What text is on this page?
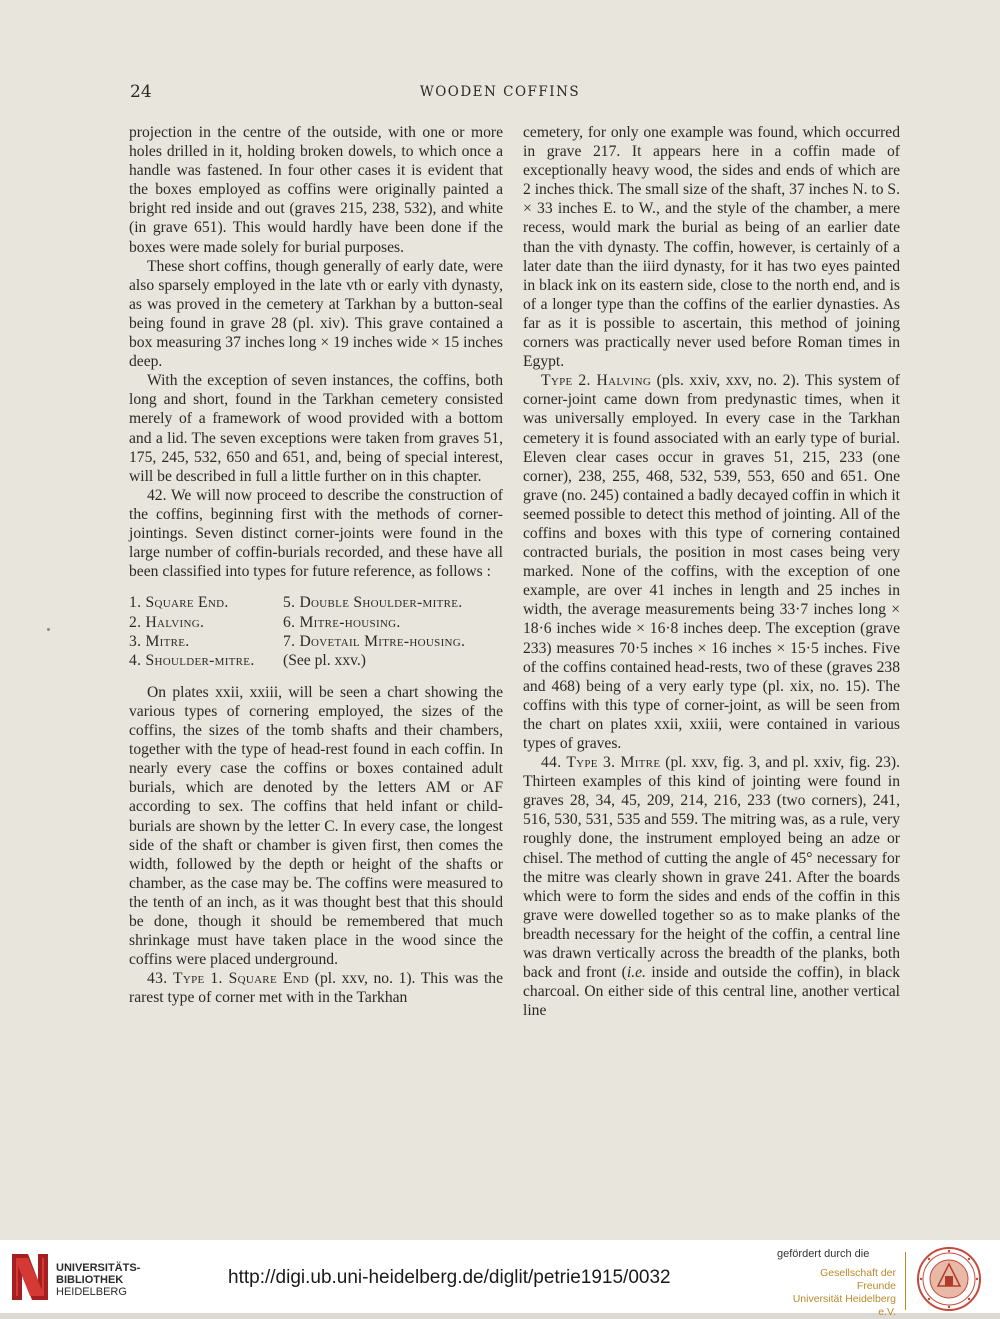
24	WOODEN COFFINS

projection in the centre of the outside, with one or more holes drilled in it, holding broken dowels, to which once a handle was fastened. In four other cases it is evident that the boxes employed as coffins were originally painted a bright red inside and out (graves 215, 238, 532), and white (in grave 651). This would hardly have been done if the boxes were made solely for burial purposes.

These short coffins, though generally of early date, were also sparsely employed in the late vth or early vith dynasty, as was proved in the cemetery at Tarkhan by a button-seal being found in grave 28 (pl. xiv). This grave contained a box measuring 37 inches long × 19 inches wide × 15 inches deep.

With the exception of seven instances, the coffins, both long and short, found in the Tarkhan cemetery consisted merely of a framework of wood provided with a bottom and a lid. The seven exceptions were taken from graves 51, 175, 245, 532, 650 and 651, and, being of special interest, will be described in full a little further on in this chapter.

42. We will now proceed to describe the construction of the coffins, beginning first with the methods of corner-jointings. Seven distinct corner-joints were found in the large number of coffin-burials recorded, and these have all been classified into types for future reference, as follows :

1. Square End.	5. Double Shoulder-mitre.
2. Halving.	6. Mitre-housing.
3. Mitre.	7. Dovetail Mitre-housing.
4. Shoulder-mitre.	(See pl. xxv.)

On plates xxii, xxiii, will be seen a chart showing the various types of cornering employed, the sizes of the coffins, the sizes of the tomb shafts and their chambers, together with the type of head-rest found in each coffin. In nearly every case the coffins or boxes contained adult burials, which are denoted by the letters AM or AF according to sex. The coffins that held infant or child-burials are shown by the letter C. In every case, the longest side of the shaft or chamber is given first, then comes the width, followed by the depth or height of the shafts or chamber, as the case may be. The coffins were measured to the tenth of an inch, as it was thought best that this should be done, though it should be remembered that much shrinkage must have taken place in the wood since the coffins were placed underground.

43. Type 1. Square End (pl. xxv, no. 1). This was the rarest type of corner met with in the Tarkhan

cemetery, for only one example was found, which occurred in grave 217. It appears here in a coffin made of exceptionally heavy wood, the sides and ends of which are 2 inches thick. The small size of the shaft, 37 inches N. to S. × 33 inches E. to W., and the style of the chamber, a mere recess, would mark the burial as being of an earlier date than the vith dynasty. The coffin, however, is certainly of a later date than the iiird dynasty, for it has two eyes painted in black ink on its eastern side, close to the north end, and is of a longer type than the coffins of the earlier dynasties. As far as it is possible to ascertain, this method of joining corners was practically never used before Roman times in Egypt.

Type 2. Halving (pls. xxiv, xxv, no. 2). This system of corner-joint came down from predynastic times, when it was universally employed. In every case in the Tarkhan cemetery it is found associated with an early type of burial. Eleven clear cases occur in graves 51, 215, 233 (one corner), 238, 255, 468, 532, 539, 553, 650 and 651. One grave (no. 245) contained a badly decayed coffin in which it seemed possible to detect this method of jointing. All of the coffins and boxes with this type of cornering contained contracted burials, the position in most cases being very marked. None of the coffins, with the exception of one example, are over 41 inches in length and 25 inches in width, the average measurements being 33·7 inches long × 18·6 inches wide × 16·8 inches deep. The exception (grave 233) measures 70·5 inches × 16 inches × 15·5 inches. Five of the coffins contained head-rests, two of these (graves 238 and 468) being of a very early type (pl. xix, no. 15). The coffins with this type of corner-joint, as will be seen from the chart on plates xxii, xxiii, were contained in various types of graves.

44. Type 3. Mitre (pl. xxv, fig. 3, and pl. xxiv, fig. 23). Thirteen examples of this kind of jointing were found in graves 28, 34, 45, 209, 214, 216, 233 (two corners), 241, 516, 530, 531, 535 and 559. The mitring was, as a rule, very roughly done, the instrument employed being an adze or chisel. The method of cutting the angle of 45° necessary for the mitre was clearly shown in grave 241. After the boards which were to form the sides and ends of the coffin in this grave were dowelled together so as to make planks of the breadth necessary for the height of the coffin, a central line was drawn vertically across the breadth of the planks, both back and front (i.e. inside and outside the coffin), in black charcoal. On either side of this central line, another vertical line

UNIVERSITÄTS-
BIBLIOTHEK
HEIDELBERG
http://digi.ub.uni-heidelberg.de/diglit/petrie1915/0032
gefördert durch die
Gesellschaft der Freunde
Universität Heidelberg e.V.
